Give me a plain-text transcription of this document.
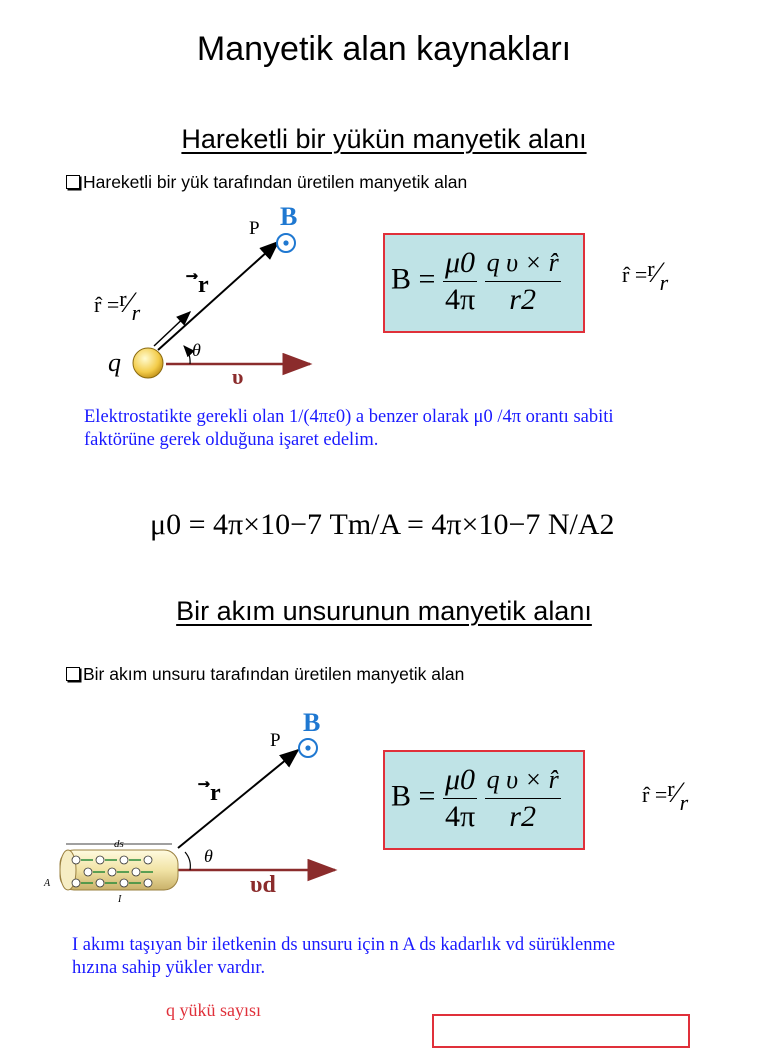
Manyetik alan kaynakları
Hareketli bir yükün manyetik alanı
Hareketli bir yük tarafından üretilen manyetik alan
P B
r
θ
q	υ
r̂ =r⁄r
$B = \frac{\mu 0}{4\pi}$
$\frac{\text{q υ × r̂}}{r2}$	r̂ =r⁄r
Elektrostatikte gerekli olan 1/(4πε0) a benzer olarak μ0 /4π orantı sabiti
faktörüne gerek olduğuna işaret edelim.
μ0 = 4π×10−7 Tm/A = 4π×10−7 N/A2
Bir akım unsurunun manyetik alanı
Bir akım unsuru tarafından üretilen manyetik alan
P
B
r
θ
ds
A
I
υd
$B = \frac{\mu 0}{4\pi}$
$\frac{\text{q υ × r̂}}{r2}$	r̂ =r⁄r
I akımı taşıyan bir iletkenin ds unsuru için n A ds kadarlık vd sürüklenme
hızına sahip yükler vardır.
q yükü sayısı
